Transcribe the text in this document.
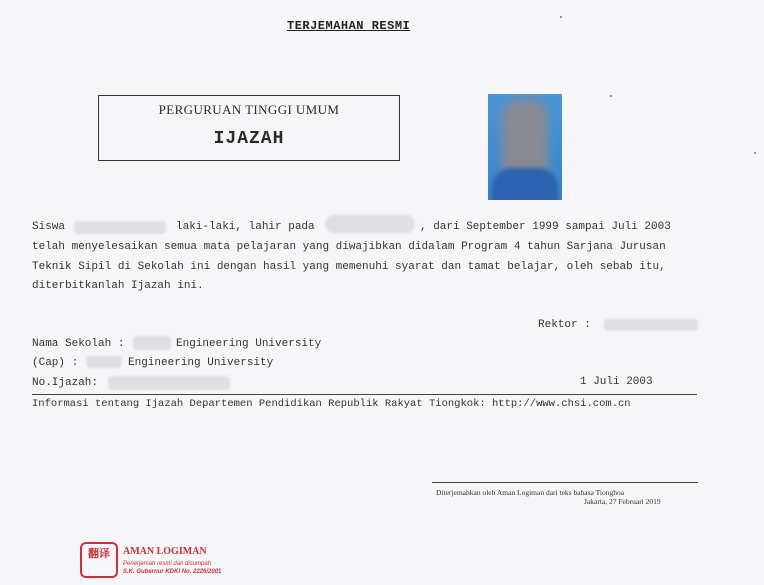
TERJEMAHAN RESMI
PERGURUAN TINGGI UMUM
IJAZAH
Siswa	laki-laki, lahir pada	, dari September 1999 sampai Juli 2003
telah menyelesaikan semua mata pelajaran yang diwajibkan didalam Program 4 tahun Sarjana Jurusan
Teknik Sipil di Sekolah ini dengan hasil yang memenuhi syarat dan tamat belajar, oleh sebab itu,
diterbitkanlah Ijazah ini.
Rektor :
Nama Sekolah :	Engineering University
(Cap) :	Engineering University
No.Ijazah:	1 Juli 2003
Informasi tentang Ijazah Departemen Pendidikan Republik Rakyat Tiongkok: http://www.chsi.com.cn
Diterjemahkan oleh Aman Logiman dari teks bahasa Tionghoa
Jakarta, 27 Februari 2019
翻译	AMAN LOGIMAN
Penerjemah resmi dan disumpah
S.K. Gubernur KDKI No. 2226/2001
